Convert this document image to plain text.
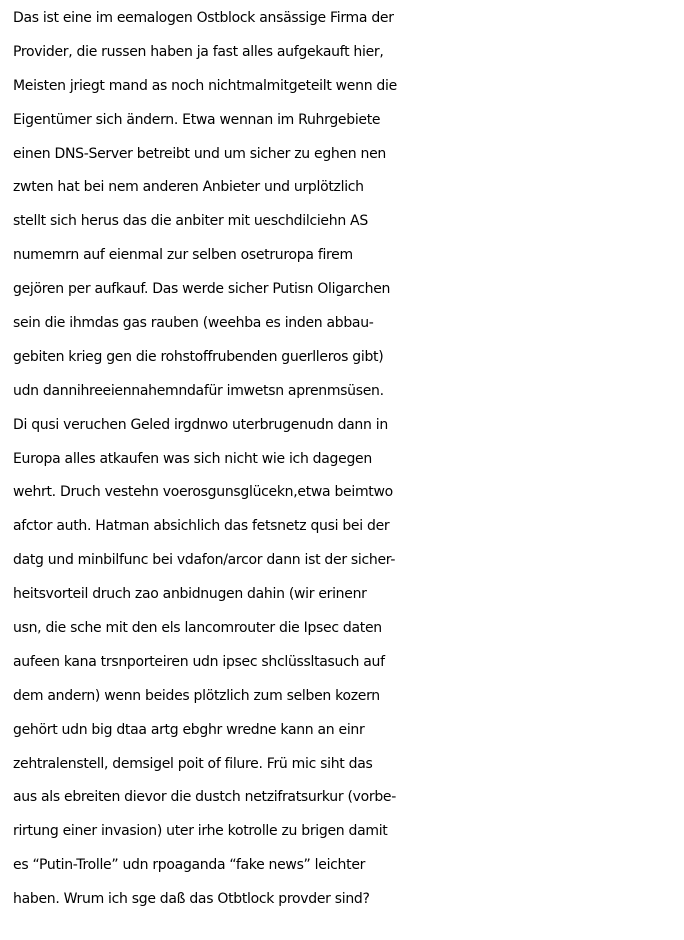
Das ist eine im eemalogen Ostblock ansässige Firma der
Provider, die russen haben ja fast alles aufgekauft hier,
Meisten jriegt mand as noch nichtmalmitgeteilt wenn die
Eigentümer sich ändern. Etwa wennan im Ruhrgebiete
einen DNS-Server betreibt und um sicher zu eghen nen
zwten hat bei nem anderen Anbieter und urplötzlich
stellt sich herus das die anbiter mit ueschdilciehn AS
numemrn auf eienmal zur selben osetruropa firem
gejören per aufkauf. Das werde sicher Putisn Oligarchen
sein die ihmdas gas rauben (weehba es inden abbau-
gebiten krieg gen die rohstoffrubenden guerlleros gibt)
udn dannihreeiennahemndafür imwetsn aprenmsüsen.
Di qusi veruchen Geled irgdnwo uterbrugenudn dann in
Europa alles atkaufen was sich nicht wie ich dagegen
wehrt. Druch vestehn voerosgunsglücekn,etwa beimtwo
afctor auth. Hatman absichlich das fetsnetz qusi bei der
datg und minbilfunc bei vdafon/arcor dann ist der sicher-
heitsvorteil druch zao anbidnugen dahin (wir erinenr
usn, die sche mit den els lancomrouter die Ipsec daten
aufeen kana trsnporteiren udn ipsec shclüssltasuch auf
dem andern) wenn beides plötzlich zum selben kozern
gehört udn big dtaa artg ebghr wredne kann an einr
zehtralenstell, demsigel poit of filure. Frü mic siht das
aus als ebreiten dievor die dustch netzifratsurkur (vorbe-
rirtung einer invasion) uter irhe kotrolle zu brigen damit
es “Putin-Trolle” udn rpoaganda “fake news” leichter
haben. Wrum ich sge daß das Otbtlock provder sind?
